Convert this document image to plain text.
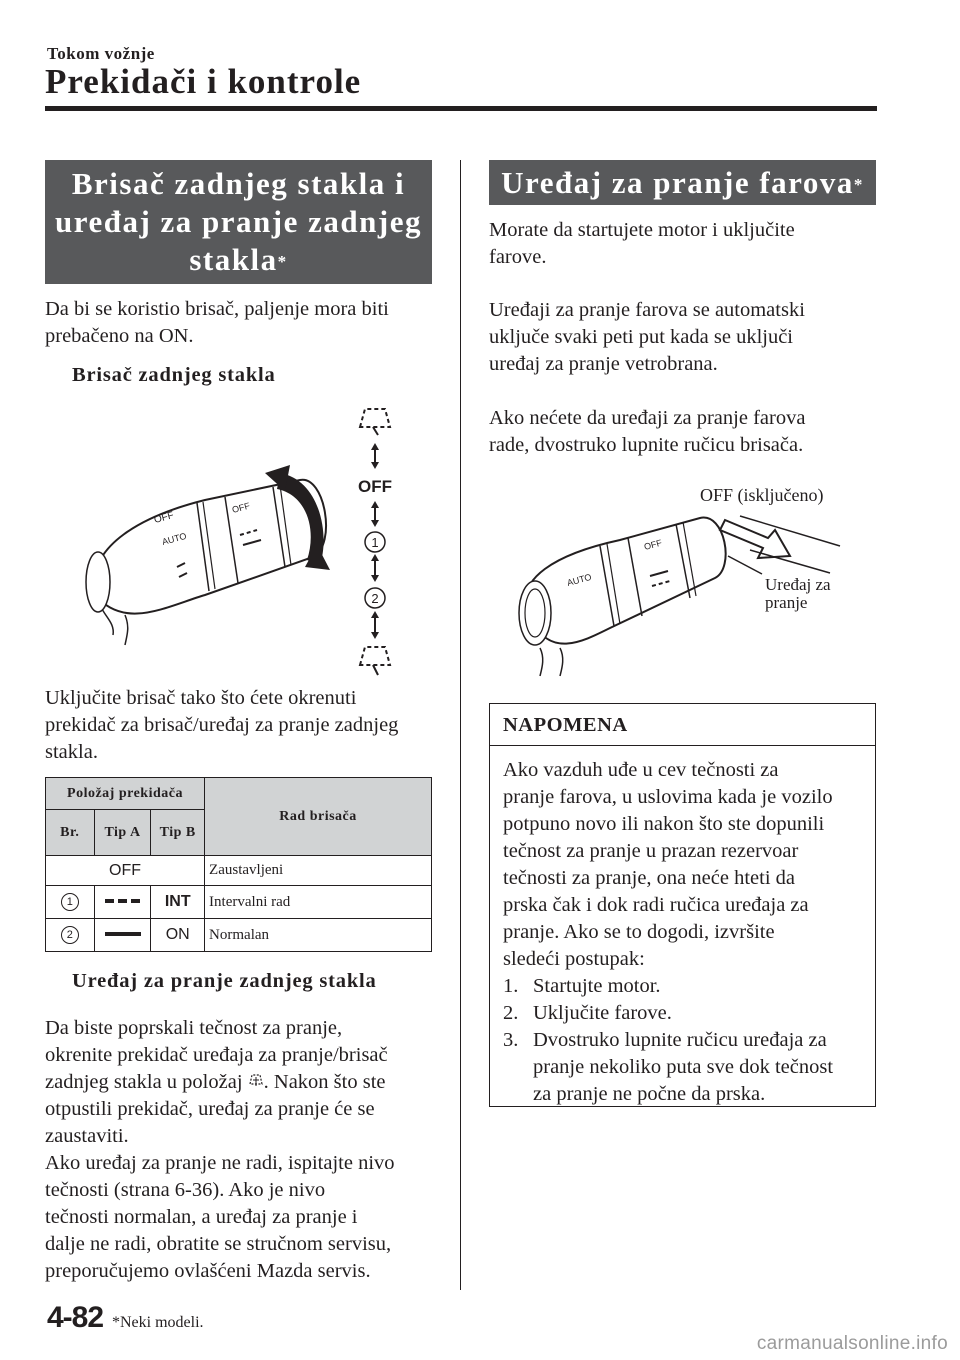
Tokom vožnje
Prekidači i kontrole
Brisač zadnjeg stakla i
uređaj za pranje zadnjeg
stakla*
Da bi se koristio brisač, paljenje mora biti
prebačeno na ON.
Brisač zadnjeg stakla
OFF
AUTO
OFF
OFF
1
2
Uključite brisač tako što ćete okrenuti
prekidač za brisač/uređaj za pranje zadnjeg
stakla.
Položaj prekidača			Rad brisača
Br.	Tip A	Tip B	
OFF			Zaustavljeni
1		INT	Intervalni rad
2		ON	Normalan
Uređaj za pranje zadnjeg stakla
Da biste poprskali tečnost za pranje,
okrenite prekidač uređaja za pranje/brisač
zadnjeg stakla u položaj . Nakon što ste
otpustili prekidač, uređaj za pranje će se
zaustaviti.
Ako uređaj za pranje ne radi, ispitajte nivo
tečnosti (strana 6-36). Ako je nivo
tečnosti normalan, a uređaj za pranje i
dalje ne radi, obratite se stručnom servisu,
preporučujemo ovlašćeni Mazda servis.
Uređaj za pranje farova*
Morate da startujete motor i uključite
farove.
Uređaji za pranje farova se automatski
uključe svaki peti put kada se uključi
uređaj za pranje vetrobrana.
Ako nećete da uređaji za pranje farova
rade, dvostruko lupnite ručicu brisača.
AUTO
OFF
OFF (isključeno)
Uređaj za
pranje
NAPOMENA
Ako vazduh uđe u cev tečnosti za
pranje farova, u uslovima kada je vozilo
potpuno novo ili nakon što ste dopunili
tečnost za pranje u prazan rezervoar
tečnosti za pranje, ona neće hteti da
prska čak i dok radi ručica uređaja za
pranje. Ako se to dogodi, izvršite
sledeći postupak:
1. Startujte motor.
2. Uključite farove.
3. Dvostruko lupnite ručicu uređaja za
pranje nekoliko puta sve dok tečnost
za pranje ne počne da prska.
4-82 *Neki modeli.
carmanualsonline.info
